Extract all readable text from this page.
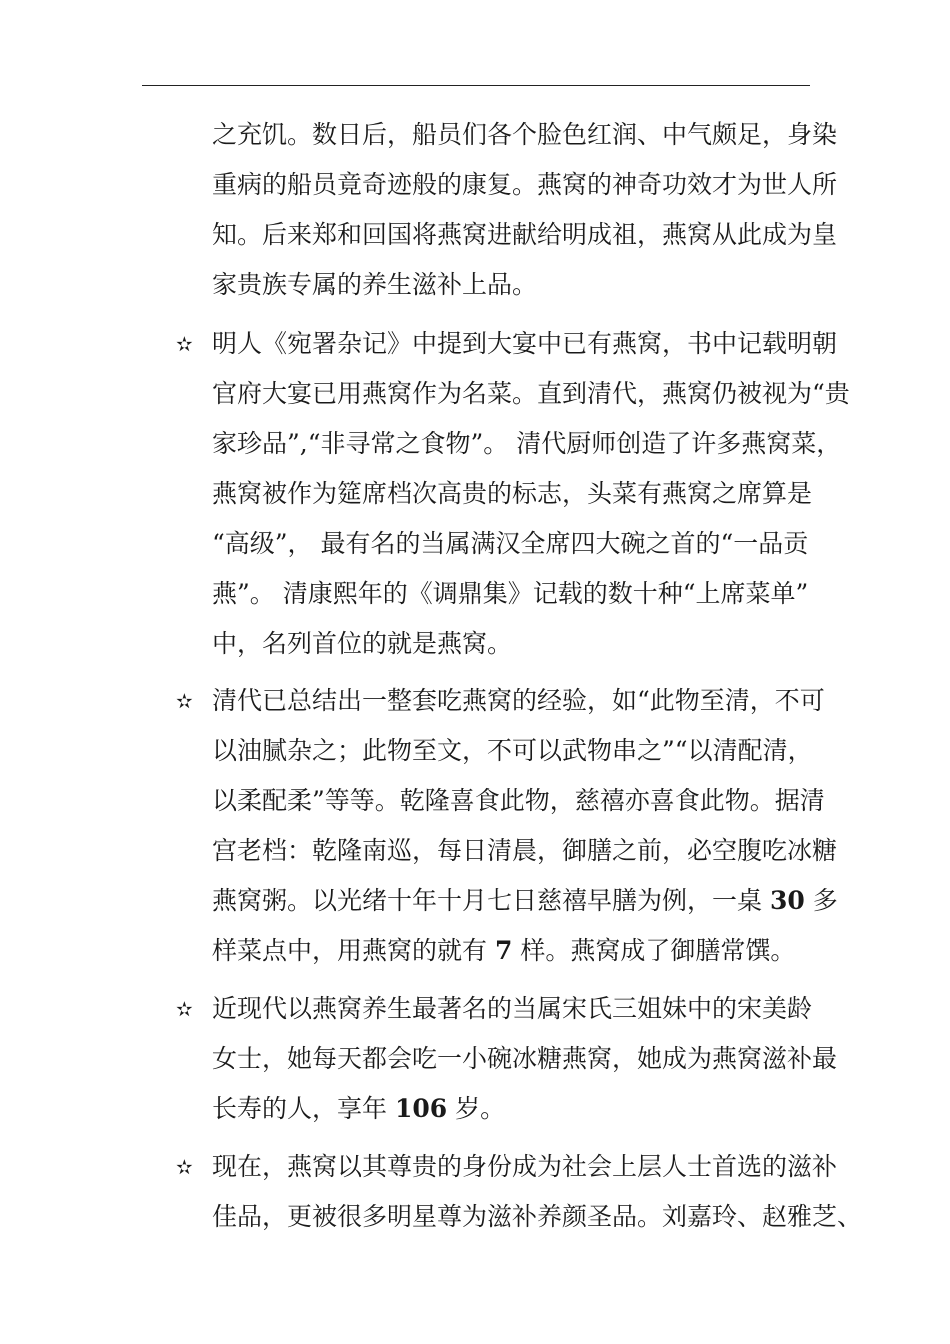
之充饥。数日后，船员们各个脸色红润、中气颇足，身染
重病的船员竟奇迹般的康复。燕窝的神奇功效才为世人所
知。后来郑和回国将燕窝进献给明成祖，燕窝从此成为皇
家贵族专属的养生滋补上品。
✫ 明人《宛署杂记》中提到大宴中已有燕窝，书中记载明朝
官府大宴已用燕窝作为名菜。直到清代，燕窝仍被视为“贵
家珍品”,“非寻常之食物”。 清代厨师创造了许多燕窝菜，
燕窝被作为筵席档次高贵的标志，头菜有燕窝之席算是
“高级”， 最有名的当属满汉全席四大碗之首的“一品贡
燕”。 清康熙年的《调鼎集》记载的数十种“上席菜单”
中，名列首位的就是燕窝。
✫ 清代已总结出一整套吃燕窝的经验，如“此物至清，不可
以油腻杂之；此物至文，不可以武物串之”“以清配清，
以柔配柔”等等。乾隆喜食此物，慈禧亦喜食此物。据清
宫老档：乾隆南巡，每日清晨，御膳之前，必空腹吃冰糖
燕窝粥。以光绪十年十月七日慈禧早膳为例，一桌 30 多
样菜点中，用燕窝的就有 7 样。燕窝成了御膳常馔。
✫ 近现代以燕窝养生最著名的当属宋氏三姐妹中的宋美龄
女士，她每天都会吃一小碗冰糖燕窝，她成为燕窝滋补最
长寿的人，享年 106 岁。
✫ 现在，燕窝以其尊贵的身份成为社会上层人士首选的滋补
佳品，更被很多明星尊为滋补养颜圣品。刘嘉玲、赵雅芝、
